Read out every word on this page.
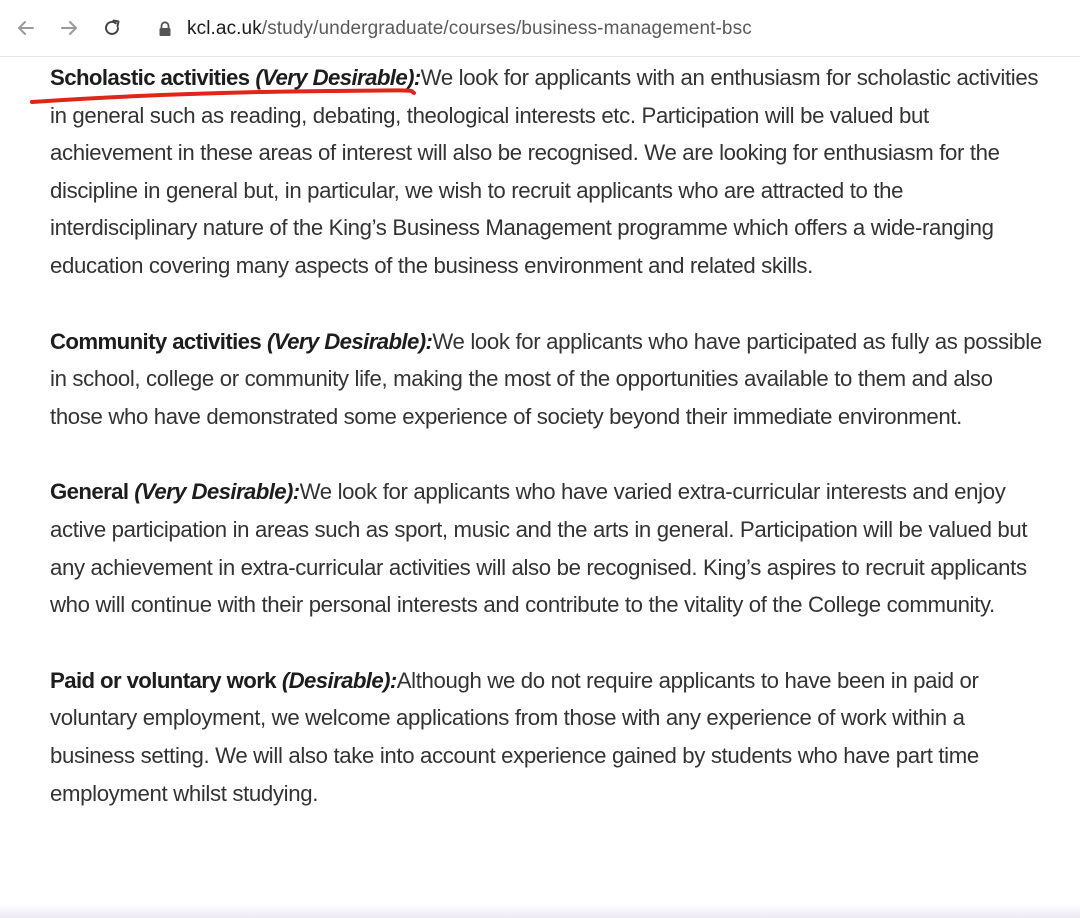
kcl.ac.uk/study/undergraduate/courses/business-management-bsc

Scholastic activities (Very Desirable):We look for applicants with an enthusiasm for scholastic activities in general such as reading, debating, theological interests etc. Participation will be valued but achievement in these areas of interest will also be recognised. We are looking for enthusiasm for the discipline in general but, in particular, we wish to recruit applicants who are attracted to the interdisciplinary nature of the King’s Business Management programme which offers a wide-ranging education covering many aspects of the business environment and related skills.

Community activities (Very Desirable):We look for applicants who have participated as fully as possible in school, college or community life, making the most of the opportunities available to them and also those who have demonstrated some experience of society beyond their immediate environment.

General (Very Desirable):We look for applicants who have varied extra-curricular interests and enjoy active participation in areas such as sport, music and the arts in general. Participation will be valued but any achievement in extra-curricular activities will also be recognised. King’s aspires to recruit applicants who will continue with their personal interests and contribute to the vitality of the College community.

Paid or voluntary work (Desirable):Although we do not require applicants to have been in paid or voluntary employment, we welcome applications from those with any experience of work within a business setting. We will also take into account experience gained by students who have part time employment whilst studying.
